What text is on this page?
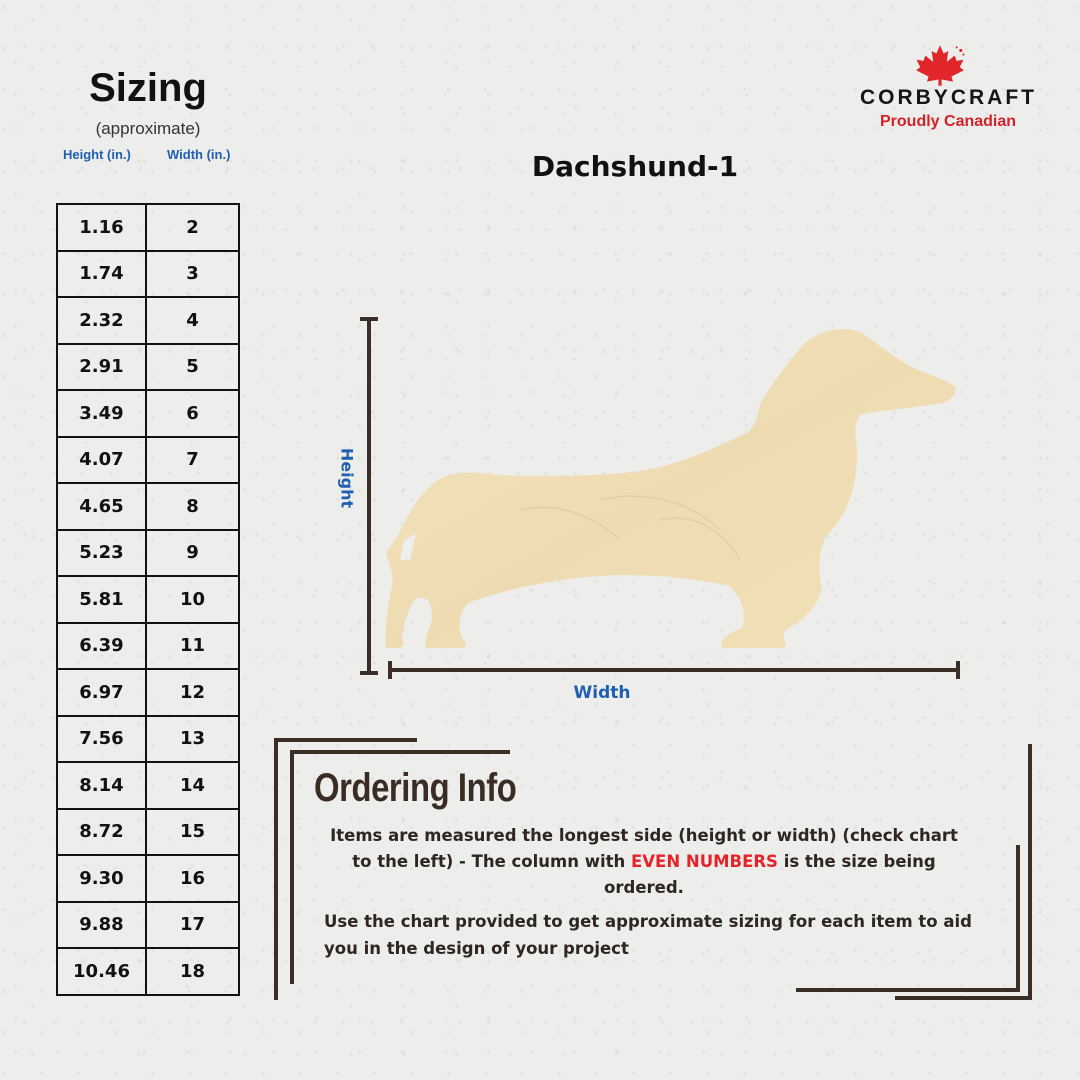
Sizing
(approximate)
Height (in.)	Width (in.)
1.16	2
1.74	3
2.32	4
2.91	5
3.49	6
4.07	7
4.65	8
5.23	9
5.81	10
6.39	11
6.97	12
7.56	13
8.14	14
8.72	15
9.30	16
9.88	17
10.46	18
CORBYCRAFT
Proudly Canadian
Dachshund-1
Height
Width
Ordering Info
Items are measured the longest side (height or width) (check chart to the left) - The column with EVEN NUMBERS is the size being ordered.
Use the chart provided to get approximate sizing for each item to aid you in the design of your project
